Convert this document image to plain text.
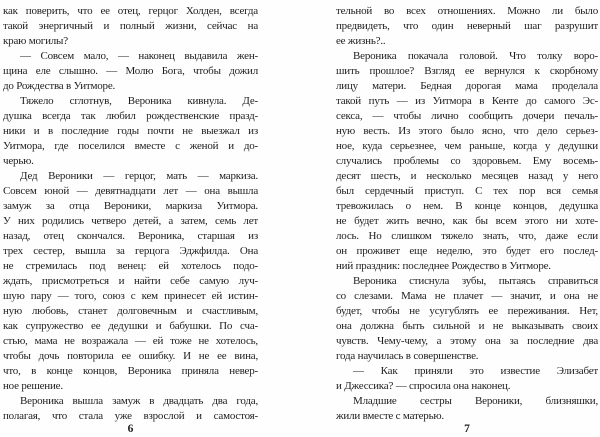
как поверить, что ее отец, герцог Холден, всегда
такой энергичный и полный жизни, сейчас на
краю могилы?
— Совсем мало, — наконец выдавила жен-
щина еле слышно. — Молю Бога, чтобы дожил
до Рождества в Уитморе.
Тяжело сглотнув, Вероника кивнула. Де-
душка всегда так любил рождественские празд-
ники и в последние годы почти не выезжал из
Уитмора, где поселился вместе с женой и до-
черью.
Дед Вероники — герцог, мать — маркиза.
Совсем юной — девятнадцати лет — она вышла
замуж за отца Вероники, маркиза Уитмора.
У них родились четверо детей, а затем, семь лет
назад, отец скончался. Вероника, старшая из
трех сестер, вышла за герцога Эджфилда. Она
не стремилась под венец: ей хотелось подо-
ждать, присмотреться и найти себе самую луч-
шую пару — того, союз с кем принесет ей истин-
ную любовь, станет долговечным и счастливым,
как супружество ее дедушки и бабушки. По сча-
стью, мама не возражала — ей тоже не хотелось,
чтобы дочь повторила ее ошибку. И не ее вина,
что, в конце концов, Вероника приняла невер-
ное решение.
Вероника вышла замуж в двадцать два года,
полагая, что стала уже взрослой и самостоя-
6
тельной во всех отношениях. Можно ли было
предвидеть, что один неверный шаг разрушит
ее жизнь?..
Вероника покачала головой. Что толку воро-
шить прошлое? Взгляд ее вернулся к скорбному
лицу матери. Бедная дорогая мама проделала
такой путь — из Уитмора в Кенте до самого Эс-
секса, — чтобы лично сообщить дочери печаль-
ную весть. Из этого было ясно, что дело серьез-
ное, куда серьезнее, чем раньше, когда у дедушки
случались проблемы со здоровьем. Ему восемь-
десят шесть, и несколько месяцев назад у него
был сердечный приступ. С тех пор вся семья
тревожилась о нем. В конце концов, дедушка
не будет жить вечно, как бы всем этого ни хоте-
лось. Но слишком тяжело знать, что, даже если
он проживет еще неделю, это будет его послед-
ний праздник: последнее Рождество в Уитморе.
Вероника стиснула зубы, пытаясь справиться
со слезами. Мама не плачет — значит, и она не
будет, чтобы не усугублять ее переживания. Нет,
она должна быть сильной и не выказывать своих
чувств. Чему-чему, а этому она за последние два
года научилась в совершенстве.
— Как приняли это известие Элизабет
и Джессика? — спросила она наконец.
Младшие сестры Вероники, близняшки,
жили вместе с матерью.
7
